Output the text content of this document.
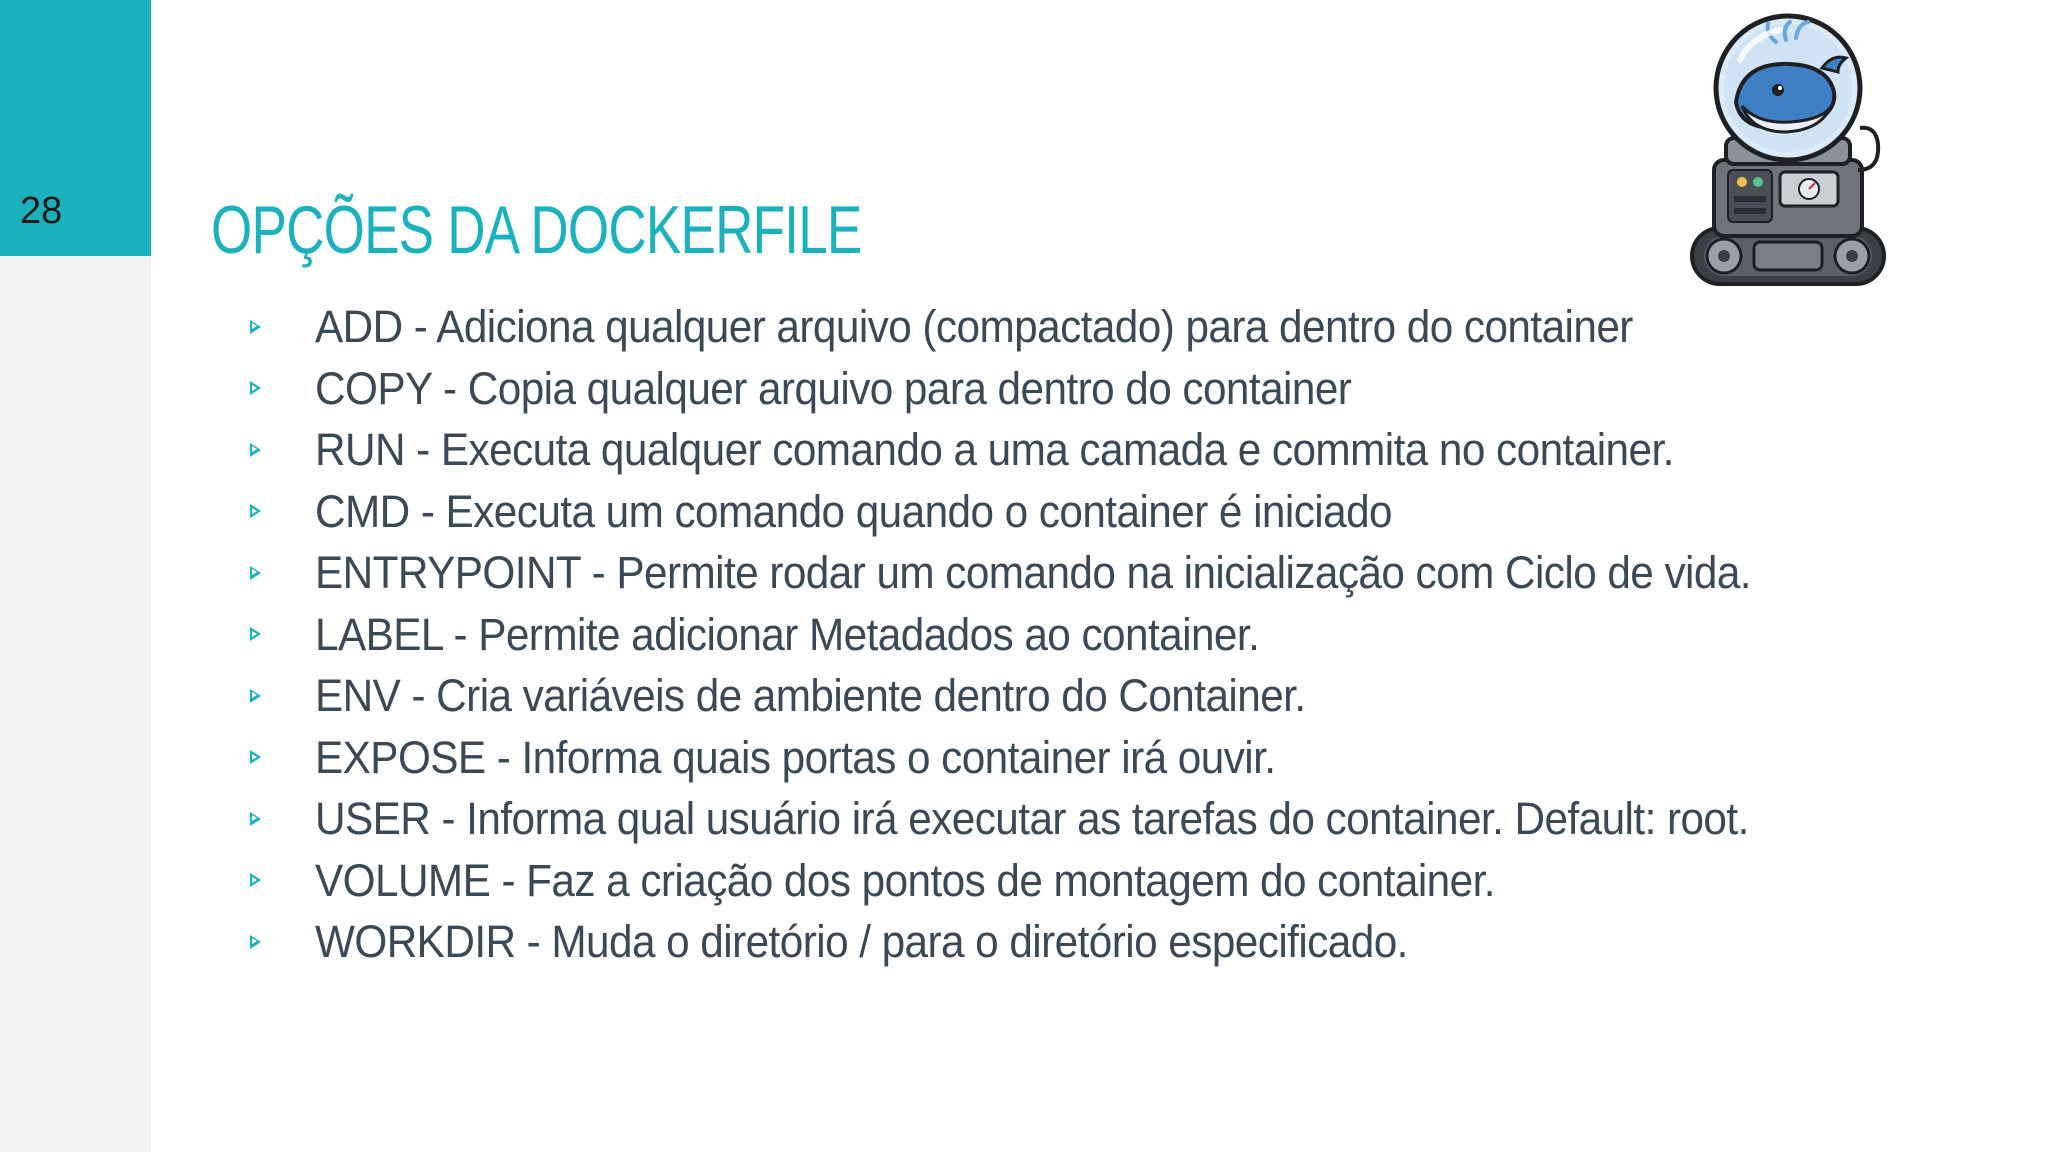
28 OPÇÕES DA DOCKERFILE
ADD - Adiciona qualquer arquivo (compactado) para dentro do container
COPY - Copia qualquer arquivo para dentro do container
RUN - Executa qualquer comando a uma camada e commita no container.
CMD - Executa um comando quando o container é iniciado
ENTRYPOINT - Permite rodar um comando na inicialização com Ciclo de vida.
LABEL - Permite adicionar Metadados ao container.
ENV - Cria variáveis de ambiente dentro do Container.
EXPOSE - Informa quais portas o container irá ouvir.
USER - Informa qual usuário irá executar as tarefas do container. Default: root.
VOLUME - Faz a criação dos pontos de montagem do container.
WORKDIR - Muda o diretório / para o diretório especificado.
